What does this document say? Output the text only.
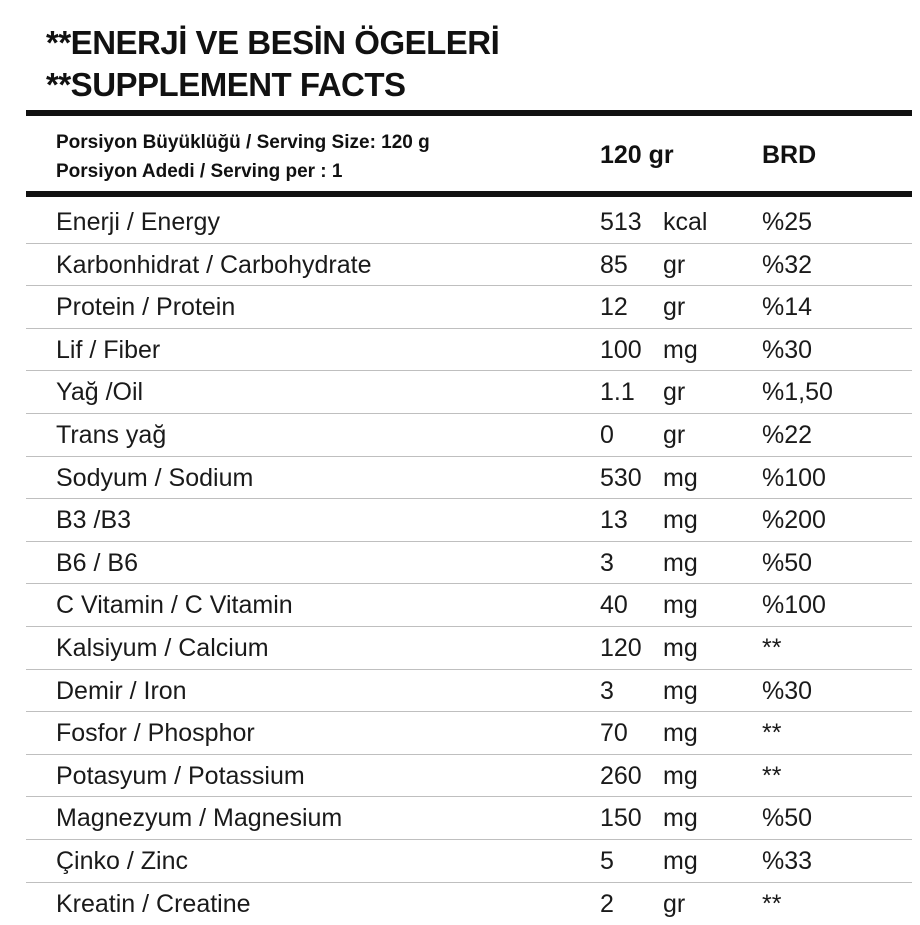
**ENERJİ VE BESİN ÖGELERİ
**SUPPLEMENT FACTS
Porsiyon Büyüklüğü / Serving Size: 120 g
Porsiyon Adedi / Serving per : 1
120 gr	BRD
Enerji / Energy	513 kcal %25
Karbonhidrat / Carbohydrate	85 gr	%32
Protein / Protein	12 gr	%14
Lif / Fiber	100 mg	%30
Yağ /Oil	1.1 gr	%1,50
Trans yağ	0 gr	%22
Sodyum / Sodium	530 mg	%100
B3 /B3	13 mg	%200
B6 / B6	3 mg	%50
C Vitamin / C Vitamin	40 mg	%100
Kalsiyum / Calcium	120 mg	**
Demir / Iron	3 mg	%30
Fosfor / Phosphor	70 mg	**
Potasyum / Potassium	260 mg	**
Magnezyum / Magnesium	150 mg	%50
Çinko / Zinc	5 mg	%33
Kreatin / Creatine	2 gr	**
